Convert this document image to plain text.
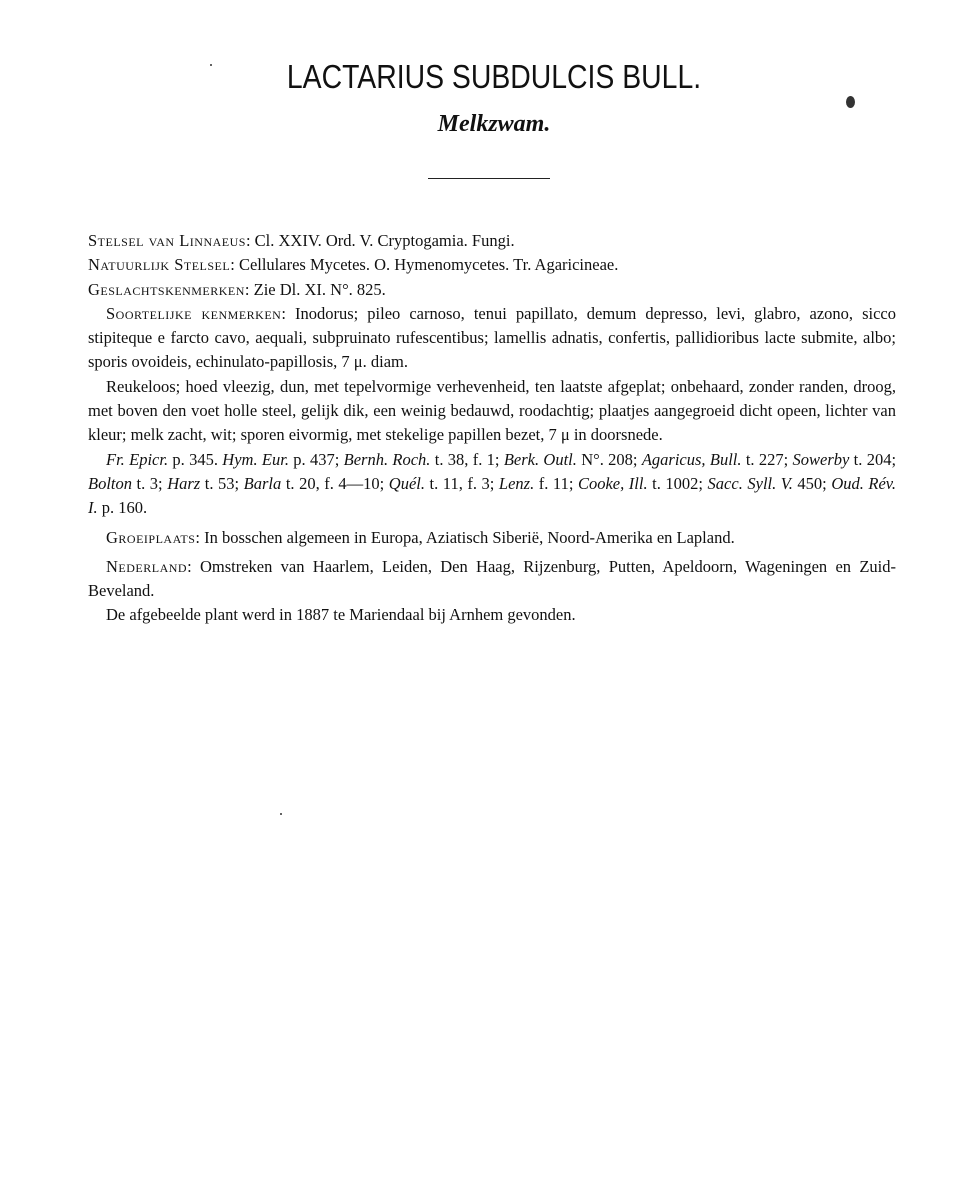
LACTARIUS SUBDULCIS BULL.
Melkzwam.

Stelsel van Linnaeus: Cl. XXIV. Ord. V. Cryptogamia. Fungi.

Natuurlijk Stelsel: Cellulares Mycetes. O. Hymenomycetes. Tr. Agaricineae.

Geslachtskenmerken: Zie Dl. XI. N°. 825.

Soortelijke kenmerken: Inodorus; pileo carnoso, tenui papillato, demum depresso, levi, glabro, azono, sicco stipiteque e farcto cavo, aequali, subpruinato rufescentibus; lamellis adnatis, confertis, pallidioribus lacte submite, albo; sporis ovoideis, echinulato-papillosis, 7 μ. diam.

Reukeloos; hoed vleezig, dun, met tepelvormige verhevenheid, ten laatste afgeplat; onbehaard, zonder randen, droog, met boven den voet holle steel, gelijk dik, een weinig bedauwd, roodachtig; plaatjes aangegroeid dicht opeen, lichter van kleur; melk zacht, wit; sporen eivormig, met stekelige papillen bezet, 7 μ in doorsnede.

Fr. Epicr. p. 345. Hym. Eur. p. 437; Bernh. Roch. t. 38, f. 1; Berk. Outl. N°. 208; Agaricus, Bull. t. 227; Sowerby t. 204; Bolton t. 3; Harz t. 53; Barla t. 20, f. 4—10; Quél. t. 11, f. 3; Lenz. f. 11; Cooke, Ill. t. 1002; Sacc. Syll. V. 450; Oud. Rév. I. p. 160.

Groeiplaats: In bosschen algemeen in Europa, Aziatisch Siberië, Noord-Amerika en Lapland.

Nederland: Omstreken van Haarlem, Leiden, Den Haag, Rijzenburg, Putten, Apeldoorn, Wageningen en Zuid-Beveland.

De afgebeelde plant werd in 1887 te Mariendaal bij Arnhem gevonden.
